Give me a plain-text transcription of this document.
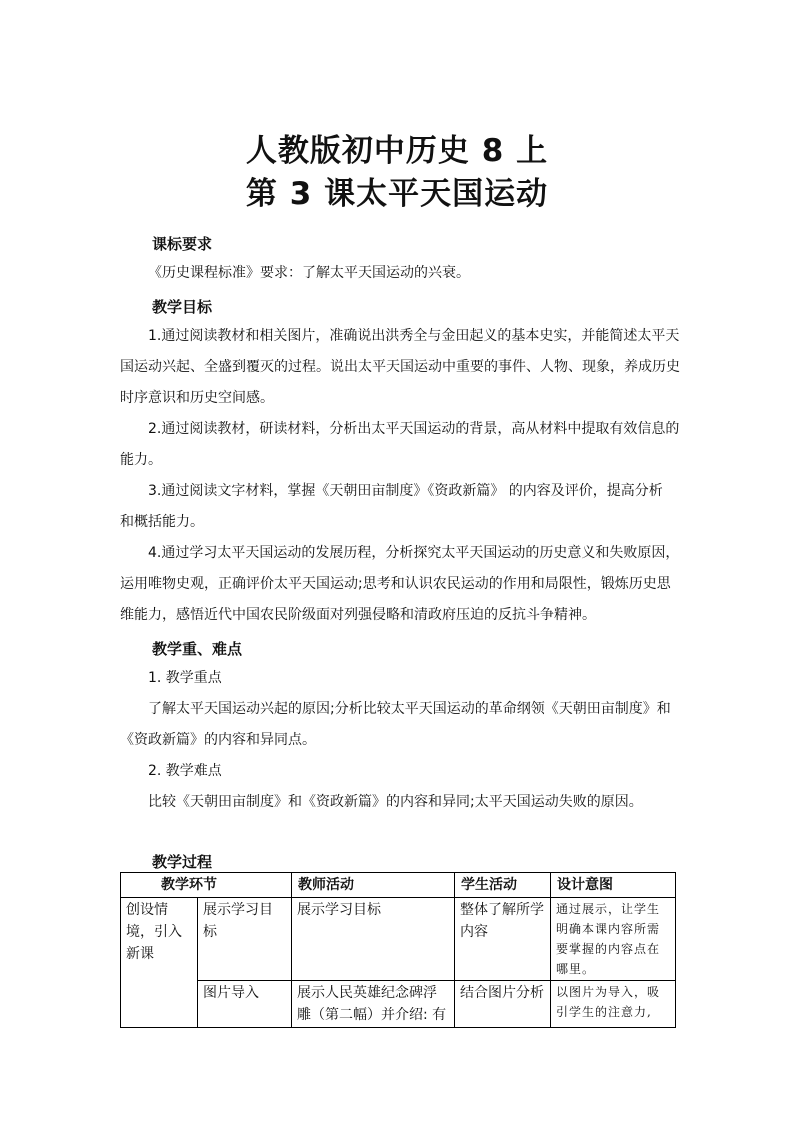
人教版初中历史 8 上
第 3 课太平天国运动
课标要求
《历史课程标准》要求：了解太平天国运动的兴衰。
教学目标
1.通过阅读教材和相关图片，准确说出洪秀全与金田起义的基本史实，并能简述太平天
国运动兴起、全盛到覆灭的过程。说出太平天国运动中重要的事件、人物、现象，养成历史
时序意识和历史空间感。
2.通过阅读教材，研读材料，分析出太平天国运动的背景，高从材料中提取有效信息的
能力。
3.通过阅读文字材料，掌握《天朝田亩制度》《资政新篇》 的内容及评价，提高分析
和概括能力。
4.通过学习太平天国运动的发展历程，分析探究太平天国运动的历史意义和失败原因，
运用唯物史观，正确评价太平天国运动;思考和认识农民运动的作用和局限性，锻炼历史思
维能力，感悟近代中国农民阶级面对列强侵略和清政府压迫的反抗斗争精神。
教学重、难点
1. 教学重点
了解太平天国运动兴起的原因;分析比较太平天国运动的革命纲领《天朝田亩制度》和
《资政新篇》的内容和异同点。
2. 教学难点
比较《天朝田亩制度》和《资政新篇》的内容和异同;太平天国运动失败的原因。
教学过程
教学环节		教师活动	学生活动	设计意图
创设情境，引入新课	展示学习目标	展示学习目标	整体了解所学内容	通过展示，让学生明确本课内容所需要掌握的内容点在哪里。
	图片导入	展示人民英雄纪念碑浮雕（第二幅）并介绍: 有	结合图片分析	以图片为导入，吸引学生的注意力,
